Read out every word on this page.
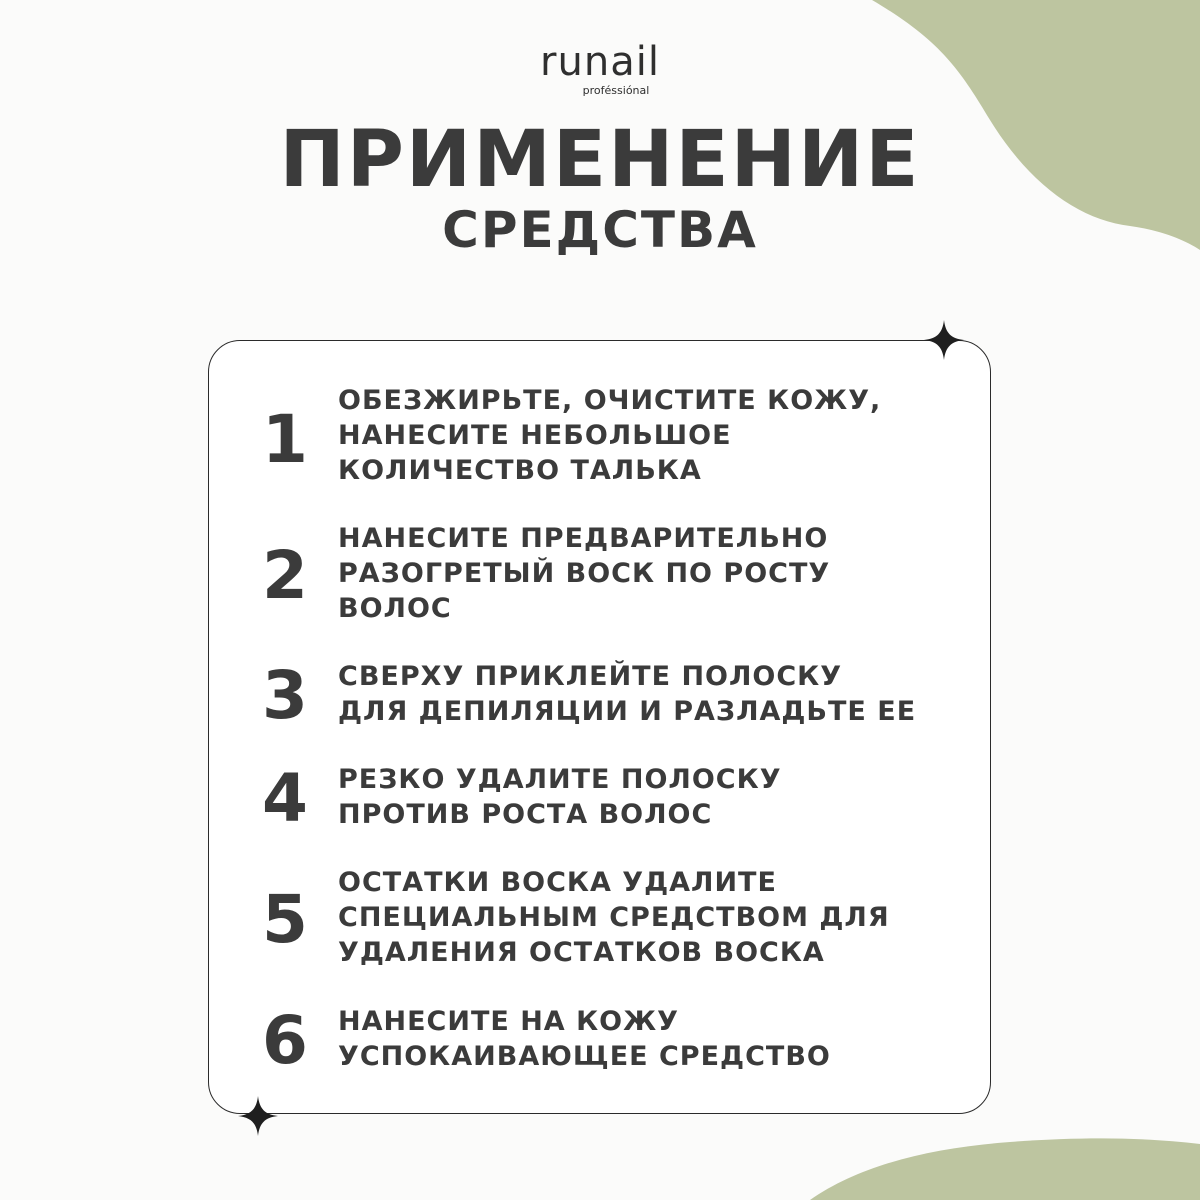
runail
proféssiónal
ПРИМЕНЕНИЕ
СРЕДСТВА
1
ОБЕЗЖИРЬТЕ, ОЧИСТИТЕ КОЖУ,
НАНЕСИТЕ НЕБОЛЬШОЕ
КОЛИЧЕСТВО ТАЛЬКА
2	НАНЕСИТЕ ПРЕДВАРИТЕЛЬНО
РАЗОГРЕТЫЙ ВОСК ПО РОСТУ
ВОЛОС
3	СВЕРХУ ПРИКЛЕЙТЕ ПОЛОСКУ
ДЛЯ ДЕПИЛЯЦИИ И РАЗЛАДЬТЕ ЕЕ
4	РЕЗКО УДАЛИТЕ ПОЛОСКУ
ПРОТИВ РОСТА ВОЛОС
5	ОСТАТКИ ВОСКА УДАЛИТЕ
СПЕЦИАЛЬНЫМ СРЕДСТВОМ ДЛЯ
УДАЛЕНИЯ ОСТАТКОВ ВОСКА
6	НАНЕСИТЕ НА КОЖУ
УСПОКАИВАЮЩЕЕ СРЕДСТВО
